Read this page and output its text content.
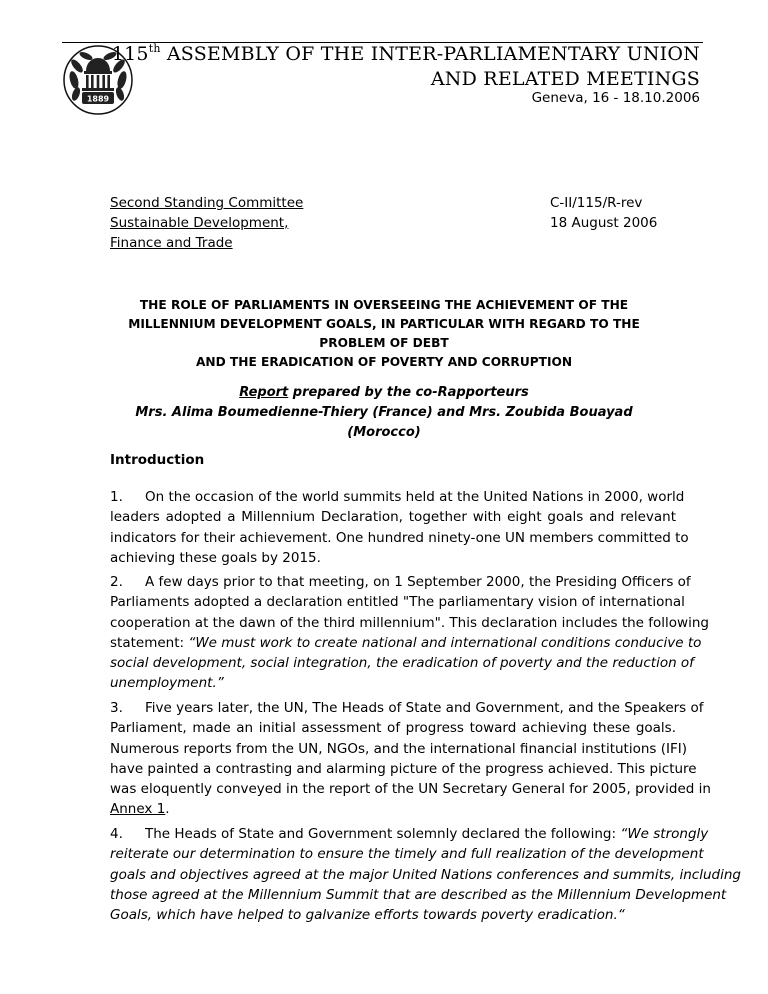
1889
115th ASSEMBLY OF THE INTER-PARLIAMENTARY UNION
AND RELATED MEETINGS
Geneva, 16 - 18.10.2006
Second Standing Committee
Sustainable Development,
Finance and Trade
C-II/115/R-rev
18 August 2006
THE ROLE OF PARLIAMENTS IN OVERSEEING THE ACHIEVEMENT OF THE
MILLENNIUM DEVELOPMENT GOALS, IN PARTICULAR WITH REGARD TO THE
PROBLEM OF DEBT
AND THE ERADICATION OF POVERTY AND CORRUPTION
Report prepared by the co-Rapporteurs
Mrs. Alima Boumedienne-Thiery (France) and Mrs. Zoubida Bouayad (Morocco)
Introduction
1. On the occasion of the world summits held at the United Nations in 2000, world
leaders adopted a Millennium Declaration, together with eight goals and relevant
indicators for their achievement. One hundred ninety-one UN members committed to
achieving these goals by 2015.
2. A few days prior to that meeting, on 1 September 2000, the Presiding Officers of
Parliaments adopted a declaration entitled "The parliamentary vision of international
cooperation at the dawn of the third millennium". This declaration includes the following
statement: “We must work to create national and international conditions conducive to
social development, social integration, the eradication of poverty and the reduction of
unemployment.”
3. Five years later, the UN, The Heads of State and Government, and the Speakers of
Parliament, made an initial assessment of progress toward achieving these goals.
Numerous reports from the UN, NGOs, and the international financial institutions (IFI)
have painted a contrasting and alarming picture of the progress achieved. This picture
was eloquently conveyed in the report of the UN Secretary General for 2005, provided in
Annex 1.
4. The Heads of State and Government solemnly declared the following: “We strongly
reiterate our determination to ensure the timely and full realization of the development
goals and objectives agreed at the major United Nations conferences and summits, including
those agreed at the Millennium Summit that are described as the Millennium Development
Goals, which have helped to galvanize efforts towards poverty eradication.“
